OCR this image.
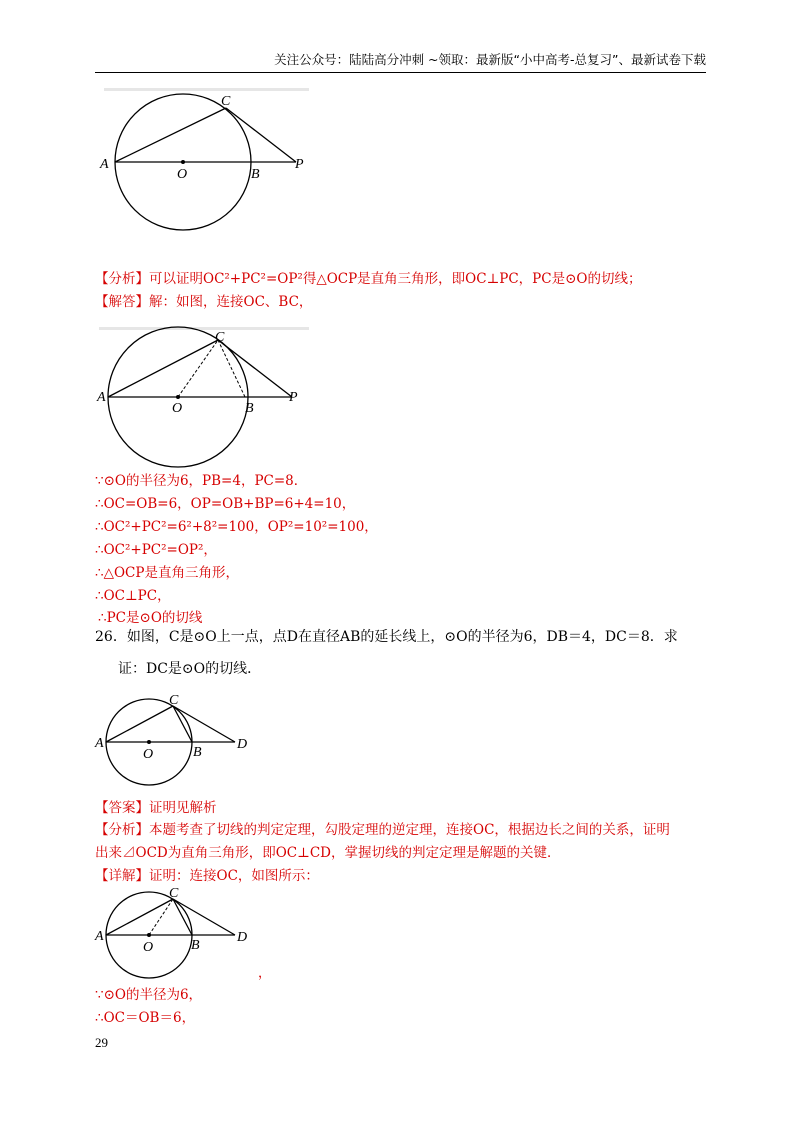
关注公众号：陆陆高分冲刺 ~领取：最新版“小中高考-总复习”、最新试卷下载
A
O	B
P
C
【分析】可以证明OC²+PC²=OP²得△OCP是直角三角形，即OC⊥PC，PC是⊙O的切线；
【解答】解：如图，连接OC、BC，
A
O	B
P
C
∵⊙O的半径为6，PB=4，PC=8．
∴OC=OB=6，OP=OB+BP=6+4=10，
∴OC²+PC²=6²+8²=100，OP²=10²=100，
∴OC²+PC²=OP²，
∴△OCP是直角三角形，
∴OC⊥PC，
∴PC是⊙O的切线
26．如图，C是⊙O上一点，点D在直径AB的延长线上，⊙O的半径为6，DB＝4，DC＝8．求
证：DC是⊙O的切线．
A
O	B
D
C
【答案】证明见解析
【分析】本题考查了切线的判定定理，勾股定理的逆定理，连接OC，根据边长之间的关系，证明
出来⊿OCD为直角三角形，即OC⊥CD，掌握切线的判定定理是解题的关键．
【详解】证明：连接OC，如图所示：
A
O	B
D
C
，
∵⊙O的半径为6，
∴OC＝OB＝6，
29
